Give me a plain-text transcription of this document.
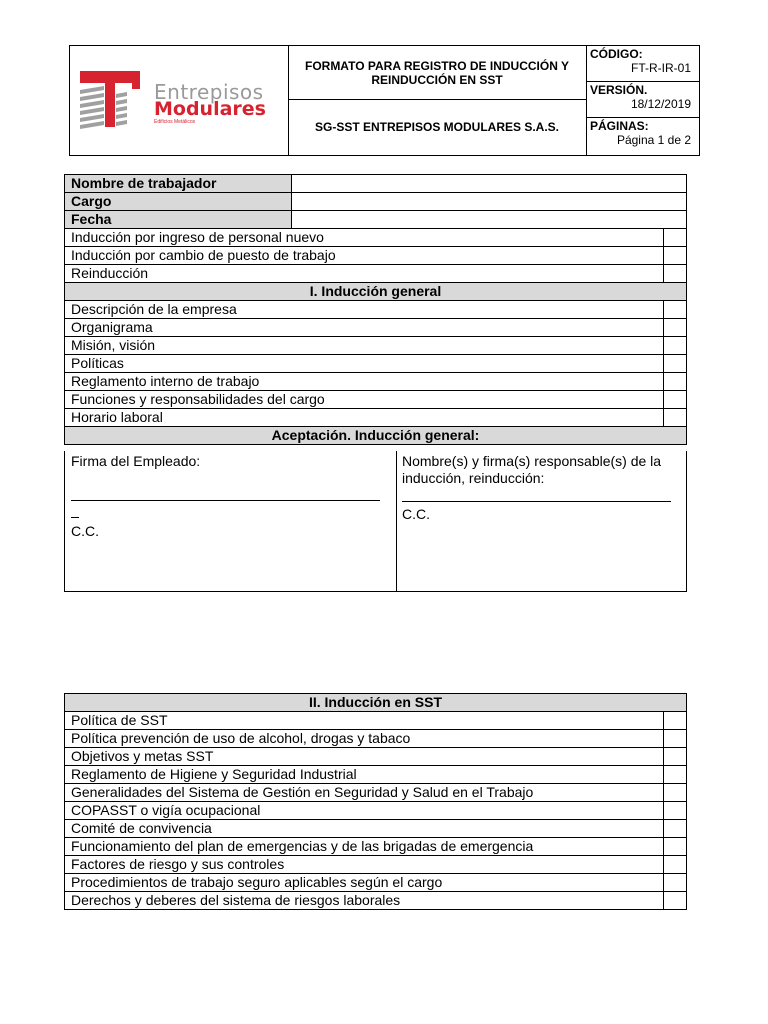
Entrepisos
Modulares
Edificios Metálicos
FORMATO PARA REGISTRO DE INDUCCIÓN Y REINDUCCIÓN EN SST
SG-SST ENTREPISOS MODULARES S.A.S.
CÓDIGO:
FT-R-IR-01
VERSIÓN.
18/12/2019
PÁGINAS:
Página 1 de 2
Nombre de trabajador		
Cargo		
Fecha		
Inducción por ingreso de personal nuevo		
Inducción por cambio de puesto de trabajo		
Reinducción		
I. Inducción general		
Descripción de la empresa		
Organigrama		
Misión, visión		
Políticas		
Reglamento interno de trabajo		
Funciones y responsabilidades del cargo		
Horario laboral		
Aceptación. Inducción general:		
Firma del Empleado:
C.C.
Nombre(s) y firma(s) responsable(s) de la inducción, reinducción:
C.C.
II. Inducción en SST	
Política de SST	
Política prevención de uso de alcohol, drogas y tabaco	
Objetivos y metas SST	
Reglamento de Higiene y Seguridad Industrial	
Generalidades del Sistema de Gestión en Seguridad y Salud en el Trabajo	
COPASST o vigía ocupacional	
Comité de convivencia	
Funcionamiento del plan de emergencias y de las brigadas de emergencia	
Factores de riesgo y sus controles	
Procedimientos de trabajo seguro aplicables según el cargo	
Derechos y deberes del sistema de riesgos laborales	
